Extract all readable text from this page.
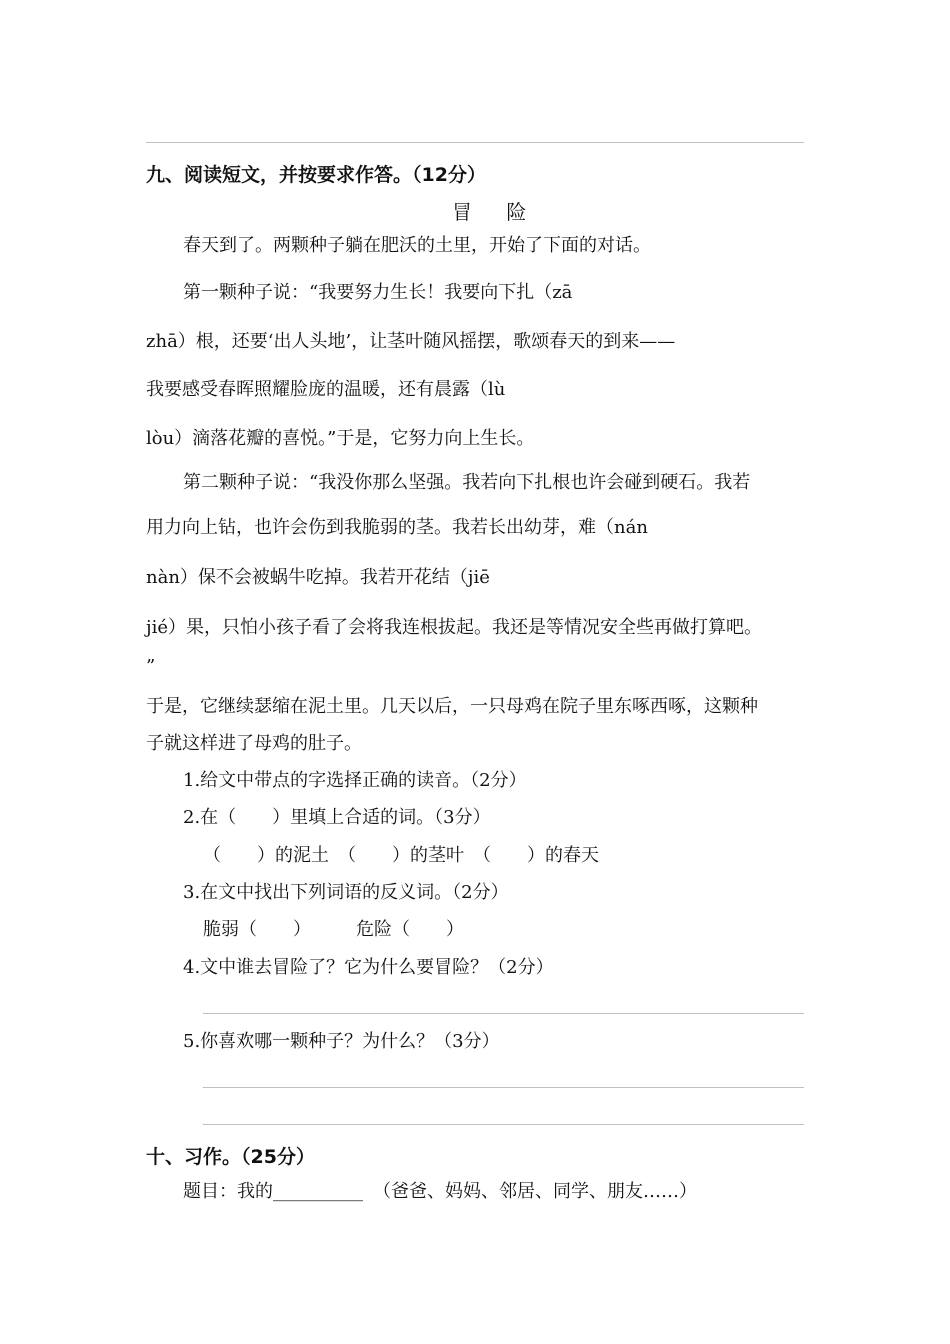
九、阅读短文，并按要求作答。（12分）
冒 险
春天到了。两颗种子躺在肥沃的土里，开始了下面的对话。
第一颗种子说：“我要努力生长！我要向下扎（zā
zhā）根，还要‘出人头地’，让茎叶随风摇摆，歌颂春天的到来——
我要感受春晖照耀脸庞的温暖，还有晨露（lù
lòu）滴落花瓣的喜悦。”于是，它努力向上生长。
第二颗种子说：“我没你那么坚强。我若向下扎根也许会碰到硬石。我若
用力向上钻，也许会伤到我脆弱的茎。我若长出幼芽，难（nán
nàn）保不会被蜗牛吃掉。我若开花结（jiē
jié）果，只怕小孩子看了会将我连根拔起。我还是等情况安全些再做打算吧。
”
于是，它继续瑟缩在泥土里。几天以后，一只母鸡在院子里东啄西啄，这颗种
子就这样进了母鸡的肚子。
1.给文中带点的字选择正确的读音。（2分）
2.在（　　）里填上合适的词。（3分）
（　　）的泥土　（　　）的茎叶　（　　）的春天
3.在文中找出下列词语的反义词。（2分）
脆弱（　　）　　　危险（　　）
4.文中谁去冒险了？它为什么要冒险？（2分）
5.你喜欢哪一颗种子？为什么？（3分）
十、习作。（25分）
题目：我的__________ （爸爸、妈妈、邻居、同学、朋友……）
